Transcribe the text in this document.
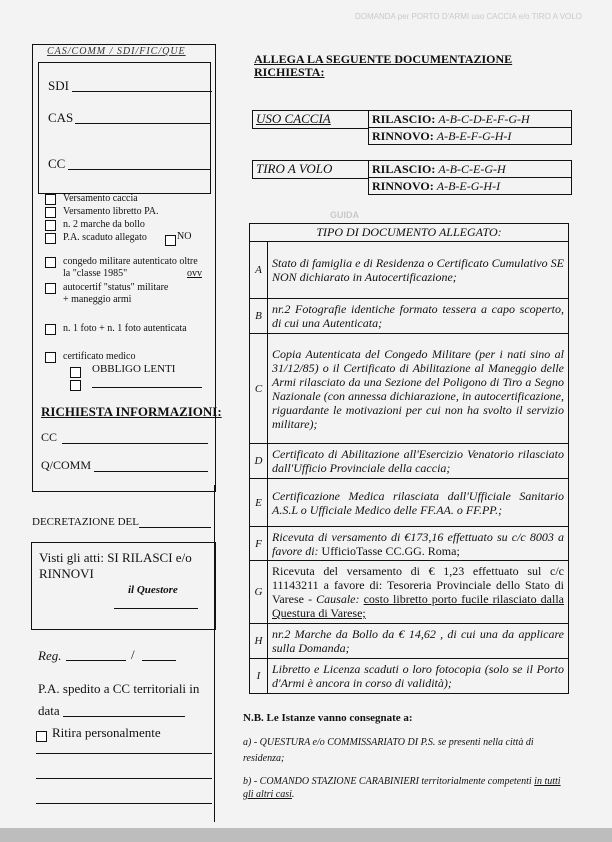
DOMANDA per PORTO D'ARMI uso CACCIA e/o TIRO A VOLO
GUIDA
CAS/COMM / SDI/FIC/QUE
SDI
CAS
CC
Versamento caccia
Versamento libretto PA.
n. 2 marche da bollo
P.A. scaduto allegato	NO
congedo militare autenticato oltre
la "classe 1985"	ovv
autocertif "status" militare
+ maneggio armi
n. 1 foto + n. 1 foto autenticata
certificato medico
OBBLIGO LENTI
RICHIESTA INFORMAZIONI:
CC
Q/COMM
DECRETAZIONE DEL
Visti gli atti: SI RILASCI e/o RINNOVI
il Questore
Reg.	/
P.A. spedito a CC territoriali in data
Ritira personalmente
ALLEGA LA SEGUENTE DOCUMENTAZIONE RICHIESTA:
USO CACCIA	RILASCIO: A-B-C-D-E-F-G-H
RINNOVO: A-B-E-F-G-H-I
TIRO A VOLO	RILASCIO: A-B-C-E-G-H
RINNOVO: A-B-E-G-H-I
TIPO DI DOCUMENTO ALLEGATO:	
A	Stato di famiglia e di Residenza o Certificato Cumulativo SE NON dichiarato in Autocertificazione;
B	nr.2 Fotografie identiche formato tessera a capo scoperto, di cui una Autenticata;
C	Copia Autenticata del Congedo Militare (per i nati sino al 31/12/85) o il Certificato di Abilitazione al Maneggio delle Armi rilasciato da una Sezione del Poligono di Tiro a Segno Nazionale (con annessa dichiarazione, in autocertificazione, riguardante le motivazioni per cui non ha svolto il servizio militare);
D	Certificato di Abilitazione all'Esercizio Venatorio rilasciato dall'Ufficio Provinciale della caccia;
E	Certificazione Medica rilasciata dall'Ufficiale Sanitario A.S.L o Ufficiale Medico delle FF.AA. o FF.PP.;
F	Ricevuta di versamento di €173,16 effettuato su c/c 8003 a favore di: UfficioTasse CC.GG. Roma;
G	Ricevuta del versamento di € 1,23 effettuato sul c/c 11143211 a favore di: Tesoreria Provinciale dello Stato di Varese - Causale: costo libretto porto fucile rilasciato dalla Questura di Varese;
H	nr.2 Marche da Bollo da € 14,62 , di cui una da applicare sulla Domanda;
I	Libretto e Licenza scaduti o loro fotocopia (solo se il Porto d'Armi è ancora in corso di validità);
N.B. Le Istanze vanno consegnate a:
a) - QUESTURA e/o COMMISSARIATO DI P.S. se presenti nella città di residenza;
b) - COMANDO STAZIONE CARABINIERI territorialmente competenti in tutti gli altri casi.
